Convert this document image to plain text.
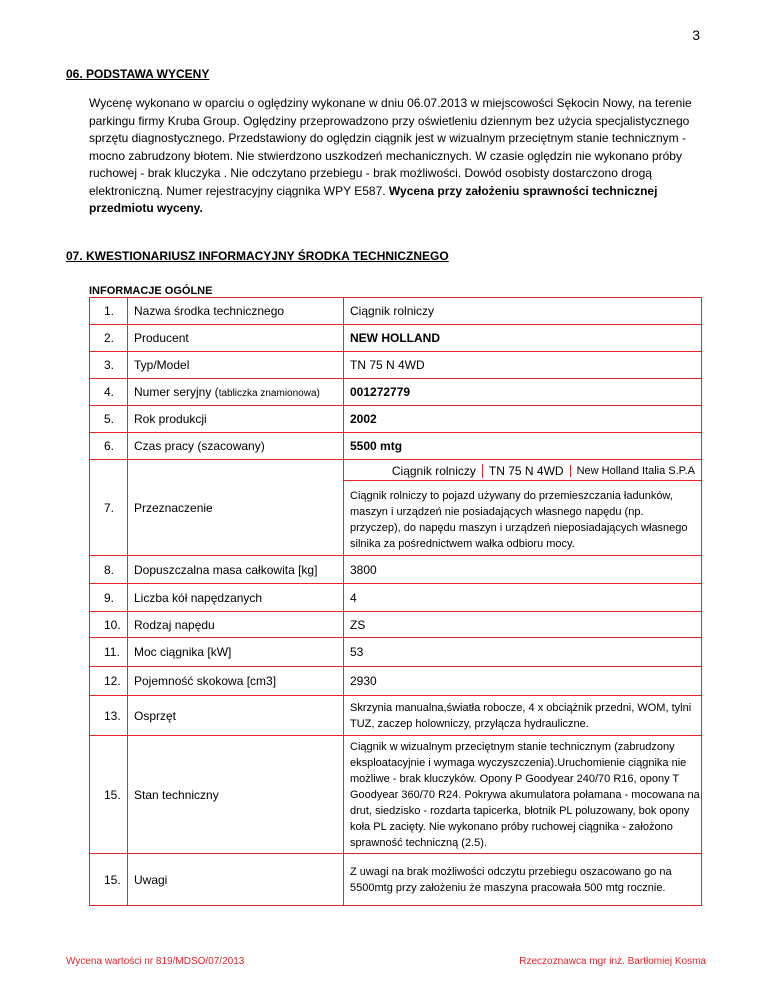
3
06. PODSTAWA WYCENY
Wycenę wykonano w oparciu o oględziny wykonane w dniu 06.07.2013 w miejscowości Sękocin Nowy, na terenie parkingu firmy Kruba Group. Oględziny przeprowadzono przy oświetleniu dziennym bez użycia specjalistycznego sprzętu diagnostycznego. Przedstawiony do oględzin ciągnik jest w wizualnym przeciętnym stanie technicznym - mocno zabrudzony błotem. Nie stwierdzono uszkodzeń mechanicznych. W czasie oględzin nie wykonano próby ruchowej - brak kluczyka . Nie odczytano przebiegu - brak możliwości. Dowód osobisty dostarczono drogą elektroniczną. Numer rejestracyjny ciągnika WPY E587. Wycena przy założeniu sprawności technicznej przedmiotu wyceny.
07. KWESTIONARIUSZ INFORMACYJNY ŚRODKA TECHNICZNEGO
INFORMACJE OGÓLNE
1.	Nazwa środka technicznego	Ciągnik rolniczy
2.	Producent	NEW HOLLAND
3.	Typ/Model	TN 75 N 4WD
4.	Numer seryjny (tabliczka znamionowa)	001272779
5.	Rok produkcji	2002
6.	Czas pracy (szacowany)	5500 mtg
7.	Przeznaczenie	Ciągnik rolniczy TN 75 N 4WD New Holland Italia S.P.A
Ciągnik rolniczy to pojazd używany do przemieszczania ładunków, maszyn i urządzeń nie posiadających własnego napędu (np. przyczep), do napędu maszyn i urządzeń nieposiadających własnego silnika za pośrednictwem wałka odbioru mocy.

8.	Dopuszczalna masa całkowita [kg]	3800
9.	Liczba kół napędzanych	4
10.	Rodzaj napędu	ZS
11.	Moc ciągnika [kW]	53
12.	Pojemność skokowa [cm3]	2930
13.	Osprzęt	Skrzynia manualna,światła robocze, 4 x obciążnik przedni, WOM, tylni TUZ, zaczep holowniczy, przyłącza hydrauliczne.
15.	Stan techniczny	Ciągnik w wizualnym przeciętnym stanie technicznym (zabrudzony eksploatacyjnie i wymaga wyczyszczenia).Uruchomienie ciągnika nie możliwe - brak kluczyków. Opony P Goodyear 240/70 R16, opony T Goodyear 360/70 R24. Pokrywa akumulatora połamana - mocowana na drut, siedzisko - rozdarta tapicerka, błotnik PL poluzowany, bok opony koła PL zacięty. Nie wykonano próby ruchowej ciągnika - założono sprawność techniczną (2.5).
15.	Uwagi	Z uwagi na brak możliwości odczytu przebiegu oszacowano go na 5500mtg przy założeniu że maszyna pracowała 500 mtg rocznie.
Wycena wartości nr 819/MDSO/07/2013	Rzeczoznawca mgr inż. Bartłomiej Kosma
